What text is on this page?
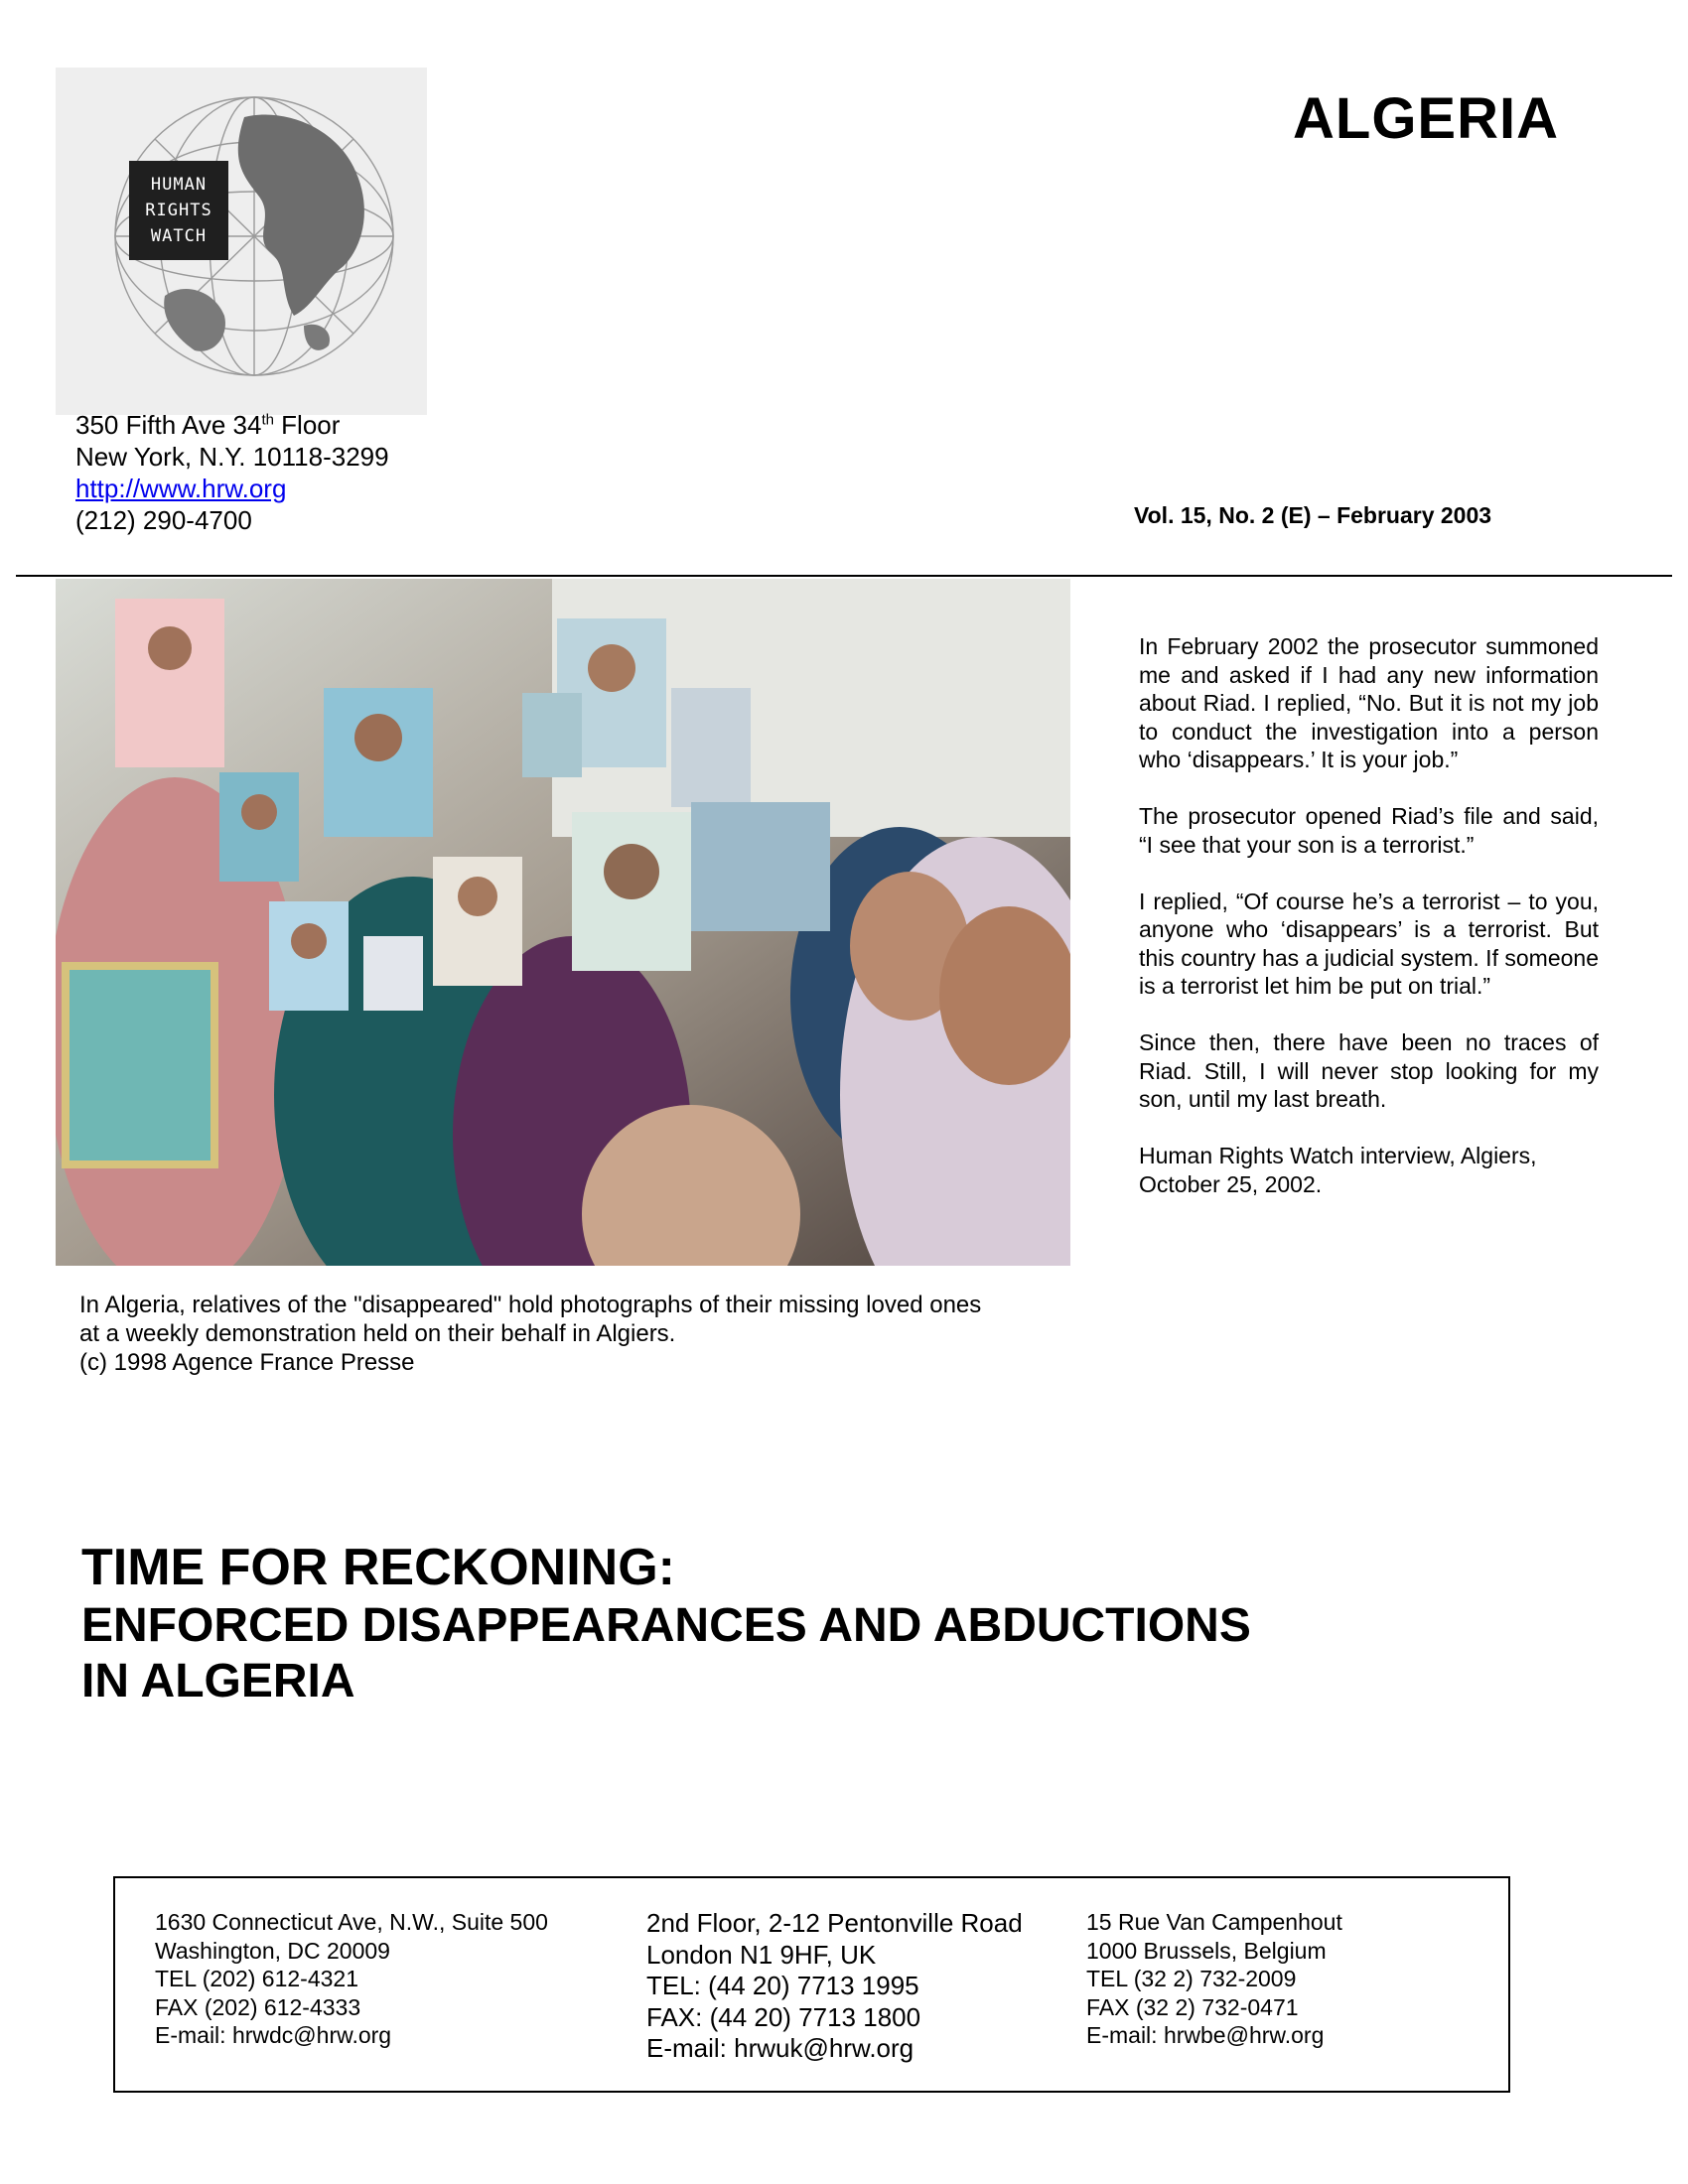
HUMAN
RIGHTS
WATCH
350 Fifth Ave 34th Floor
New York, N.Y. 10118-3299
http://www.hrw.org
(212) 290-4700
ALGERIA
Vol. 15, No. 2 (E) – February 2003
In Algeria, relatives of the "disappeared" hold photographs of their missing loved ones
at a weekly demonstration held on their behalf in Algiers.
(c) 1998 Agence France Presse

In February 2002 the prosecutor summoned me and asked if I had any new information about Riad. I replied, “No. But it is not my job to conduct the investigation into a person who ‘disappears.’ It is your job.”

The prosecutor opened Riad’s file and said, “I see that your son is a terrorist.”

I replied, “Of course he’s a terrorist – to you, anyone who ‘disappears’ is a terrorist. But this country has a judicial system. If someone is a terrorist let him be put on trial.”

Since then, there have been no traces of Riad. Still, I will never stop looking for my son, until my last breath.

Human Rights Watch interview, Algiers, October 25, 2002.

TIME FOR RECKONING:
ENFORCED DISAPPEARANCES AND ABDUCTIONS
IN ALGERIA
1630 Connecticut Ave, N.W., Suite 500
Washington, DC 20009
TEL (202) 612-4321
FAX (202) 612-4333
E-mail: hrwdc@hrw.org
2nd Floor, 2-12 Pentonville Road
London N1 9HF, UK
TEL: (44 20) 7713 1995
FAX: (44 20) 7713 1800
E-mail: hrwuk@hrw.org
15 Rue Van Campenhout
1000 Brussels, Belgium
TEL (32 2) 732-2009
FAX (32 2) 732-0471
E-mail: hrwbe@hrw.org
